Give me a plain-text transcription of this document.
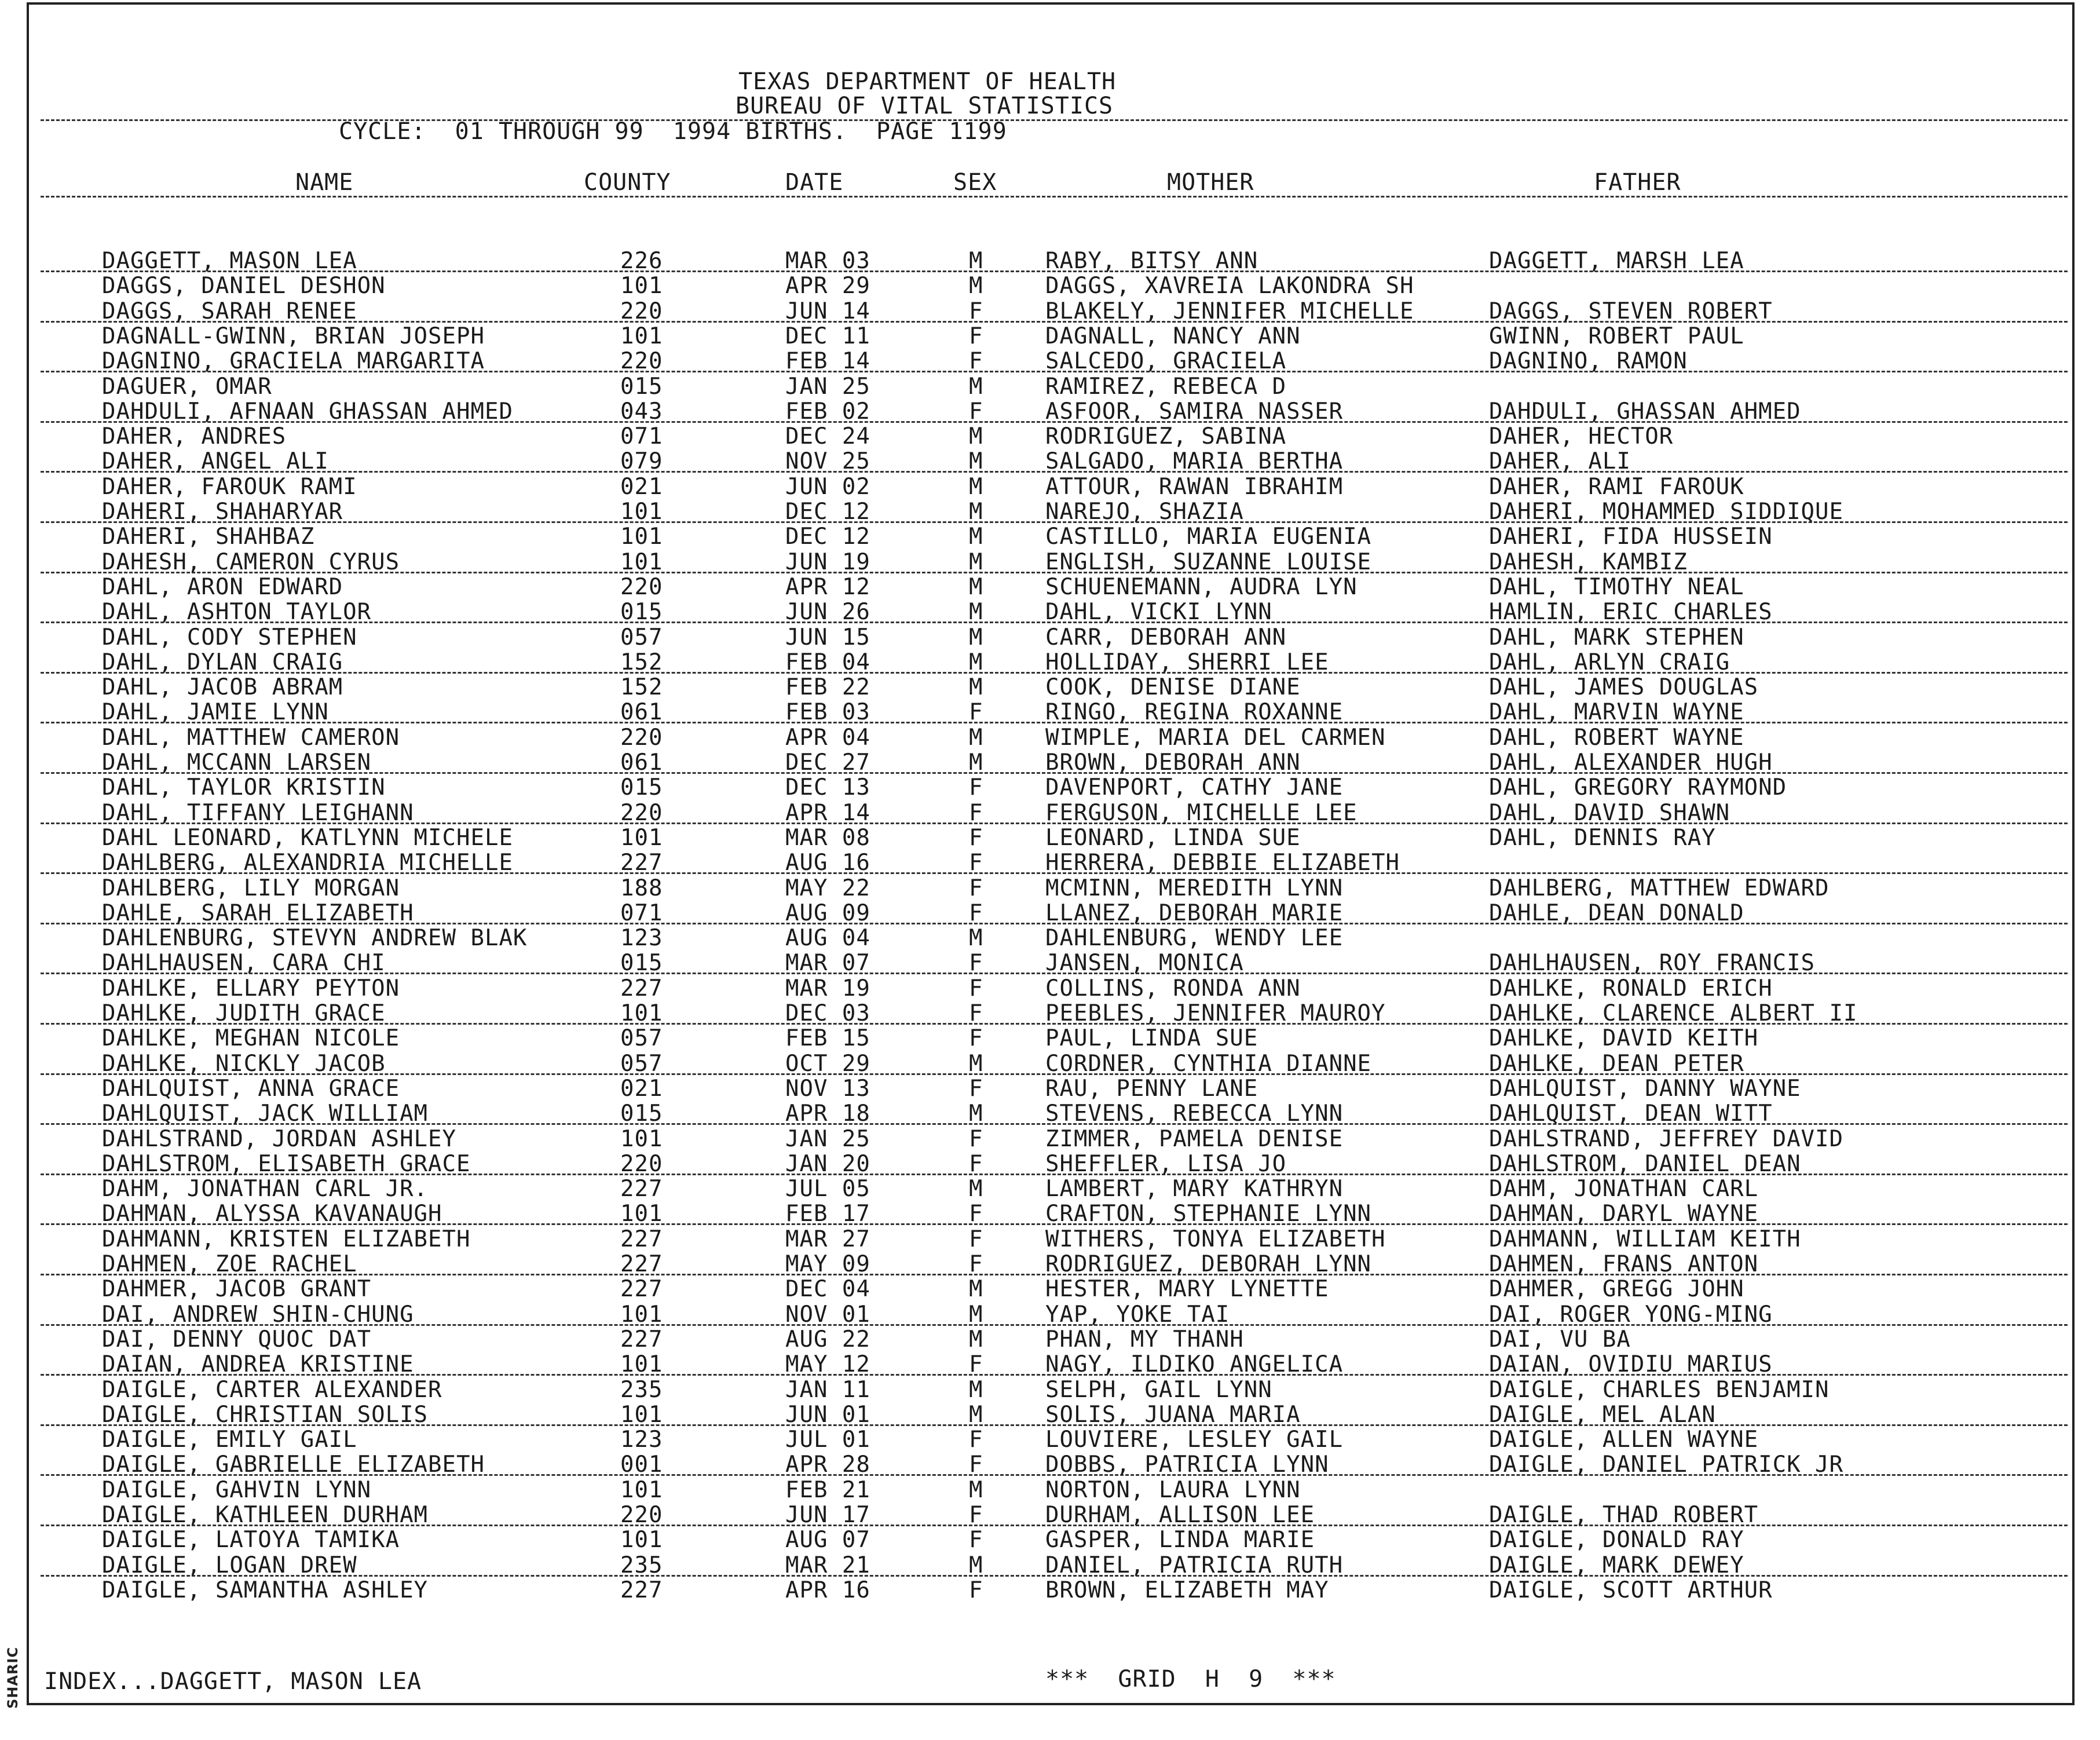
SHARIC
TEXAS DEPARTMENT OF HEALTH
BUREAU OF VITAL STATISTICS
CYCLE:  01 THROUGH 99  1994 BIRTHS.  PAGE 1199
NAME	COUNTY	DATE	SEX	MOTHER	FATHER
DAGGETT, MASON LEA	226	MAR 03	M	RABY, BITSY ANN	DAGGETT, MARSH LEA
DAGGS, DANIEL DESHON	101	APR 29	M	DAGGS, XAVREIA LAKONDRA SH
DAGGS, SARAH RENEE	220	JUN 14	F	BLAKELY, JENNIFER MICHELLE	DAGGS, STEVEN ROBERT
DAGNALL-GWINN, BRIAN JOSEPH	101	DEC 11	F	DAGNALL, NANCY ANN	GWINN, ROBERT PAUL
DAGNINO, GRACIELA MARGARITA	220	FEB 14	F	SALCEDO, GRACIELA	DAGNINO, RAMON
DAGUER, OMAR	015	JAN 25	M	RAMIREZ, REBECA D
DAHDULI, AFNAAN GHASSAN AHMED	043	FEB 02	F	ASFOOR, SAMIRA NASSER	DAHDULI, GHASSAN AHMED
DAHER, ANDRES	071	DEC 24	M	RODRIGUEZ, SABINA	DAHER, HECTOR
DAHER, ANGEL ALI	079	NOV 25	M	SALGADO, MARIA BERTHA	DAHER, ALI
DAHER, FAROUK RAMI	021	JUN 02	M	ATTOUR, RAWAN IBRAHIM	DAHER, RAMI FAROUK
DAHERI, SHAHARYAR	101	DEC 12	M	NAREJO, SHAZIA	DAHERI, MOHAMMED SIDDIQUE
DAHERI, SHAHBAZ	101	DEC 12	M	CASTILLO, MARIA EUGENIA	DAHERI, FIDA HUSSEIN
DAHESH, CAMERON CYRUS	101	JUN 19	M	ENGLISH, SUZANNE LOUISE	DAHESH, KAMBIZ
DAHL, ARON EDWARD	220	APR 12	M	SCHUENEMANN, AUDRA LYN	DAHL, TIMOTHY NEAL
DAHL, ASHTON TAYLOR	015	JUN 26	M	DAHL, VICKI LYNN	HAMLIN, ERIC CHARLES
DAHL, CODY STEPHEN	057	JUN 15	M	CARR, DEBORAH ANN	DAHL, MARK STEPHEN
DAHL, DYLAN CRAIG	152	FEB 04	M	HOLLIDAY, SHERRI LEE	DAHL, ARLYN CRAIG
DAHL, JACOB ABRAM	152	FEB 22	M	COOK, DENISE DIANE	DAHL, JAMES DOUGLAS
DAHL, JAMIE LYNN	061	FEB 03	F	RINGO, REGINA ROXANNE	DAHL, MARVIN WAYNE
DAHL, MATTHEW CAMERON	220	APR 04	M	WIMPLE, MARIA DEL CARMEN	DAHL, ROBERT WAYNE
DAHL, MCCANN LARSEN	061	DEC 27	M	BROWN, DEBORAH ANN	DAHL, ALEXANDER HUGH
DAHL, TAYLOR KRISTIN	015	DEC 13	F	DAVENPORT, CATHY JANE	DAHL, GREGORY RAYMOND
DAHL, TIFFANY LEIGHANN	220	APR 14	F	FERGUSON, MICHELLE LEE	DAHL, DAVID SHAWN
DAHL LEONARD, KATLYNN MICHELE	101	MAR 08	F	LEONARD, LINDA SUE	DAHL, DENNIS RAY
DAHLBERG, ALEXANDRIA MICHELLE	227	AUG 16	F	HERRERA, DEBBIE ELIZABETH
DAHLBERG, LILY MORGAN	188	MAY 22	F	MCMINN, MEREDITH LYNN	DAHLBERG, MATTHEW EDWARD
DAHLE, SARAH ELIZABETH	071	AUG 09	F	LLANEZ, DEBORAH MARIE	DAHLE, DEAN DONALD
DAHLENBURG, STEVYN ANDREW BLAK	123	AUG 04	M	DAHLENBURG, WENDY LEE
DAHLHAUSEN, CARA CHI	015	MAR 07	F	JANSEN, MONICA	DAHLHAUSEN, ROY FRANCIS
DAHLKE, ELLARY PEYTON	227	MAR 19	F	COLLINS, RONDA ANN	DAHLKE, RONALD ERICH
DAHLKE, JUDITH GRACE	101	DEC 03	F	PEEBLES, JENNIFER MAUROY	DAHLKE, CLARENCE ALBERT II
DAHLKE, MEGHAN NICOLE	057	FEB 15	F	PAUL, LINDA SUE	DAHLKE, DAVID KEITH
DAHLKE, NICKLY JACOB	057	OCT 29	M	CORDNER, CYNTHIA DIANNE	DAHLKE, DEAN PETER
DAHLQUIST, ANNA GRACE	021	NOV 13	F	RAU, PENNY LANE	DAHLQUIST, DANNY WAYNE
DAHLQUIST, JACK WILLIAM	015	APR 18	M	STEVENS, REBECCA LYNN	DAHLQUIST, DEAN WITT
DAHLSTRAND, JORDAN ASHLEY	101	JAN 25	F	ZIMMER, PAMELA DENISE	DAHLSTRAND, JEFFREY DAVID
DAHLSTROM, ELISABETH GRACE	220	JAN 20	F	SHEFFLER, LISA JO	DAHLSTROM, DANIEL DEAN
DAHM, JONATHAN CARL JR.	227	JUL 05	M	LAMBERT, MARY KATHRYN	DAHM, JONATHAN CARL
DAHMAN, ALYSSA KAVANAUGH	101	FEB 17	F	CRAFTON, STEPHANIE LYNN	DAHMAN, DARYL WAYNE
DAHMANN, KRISTEN ELIZABETH	227	MAR 27	F	WITHERS, TONYA ELIZABETH	DAHMANN, WILLIAM KEITH
DAHMEN, ZOE RACHEL	227	MAY 09	F	RODRIGUEZ, DEBORAH LYNN	DAHMEN, FRANS ANTON
DAHMER, JACOB GRANT	227	DEC 04	M	HESTER, MARY LYNETTE	DAHMER, GREGG JOHN
DAI, ANDREW SHIN-CHUNG	101	NOV 01	M	YAP, YOKE TAI	DAI, ROGER YONG-MING
DAI, DENNY QUOC DAT	227	AUG 22	M	PHAN, MY THANH	DAI, VU BA
DAIAN, ANDREA KRISTINE	101	MAY 12	F	NAGY, ILDIKO ANGELICA	DAIAN, OVIDIU MARIUS
DAIGLE, CARTER ALEXANDER	235	JAN 11	M	SELPH, GAIL LYNN	DAIGLE, CHARLES BENJAMIN
DAIGLE, CHRISTIAN SOLIS	101	JUN 01	M	SOLIS, JUANA MARIA	DAIGLE, MEL ALAN
DAIGLE, EMILY GAIL	123	JUL 01	F	LOUVIERE, LESLEY GAIL	DAIGLE, ALLEN WAYNE
DAIGLE, GABRIELLE ELIZABETH	001	APR 28	F	DOBBS, PATRICIA LYNN	DAIGLE, DANIEL PATRICK JR
DAIGLE, GAHVIN LYNN	101	FEB 21	M	NORTON, LAURA LYNN
DAIGLE, KATHLEEN DURHAM	220	JUN 17	F	DURHAM, ALLISON LEE	DAIGLE, THAD ROBERT
DAIGLE, LATOYA TAMIKA	101	AUG 07	F	GASPER, LINDA MARIE	DAIGLE, DONALD RAY
DAIGLE, LOGAN DREW	235	MAR 21	M	DANIEL, PATRICIA RUTH	DAIGLE, MARK DEWEY
DAIGLE, SAMANTHA ASHLEY	227	APR 16	F	BROWN, ELIZABETH MAY	DAIGLE, SCOTT ARTHUR
INDEX...DAGGETT, MASON LEA	***  GRID  H  9  ***
